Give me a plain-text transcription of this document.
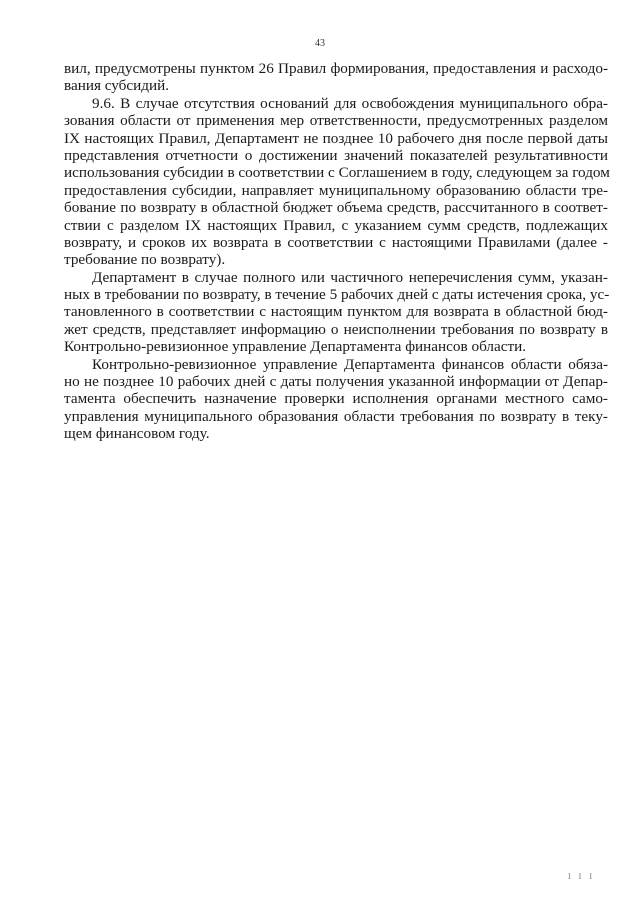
43
вил, предусмотрены пунктом 26 Правил формирования, предоставления и расходо-
вания субсидий.
9.6. В случае отсутствия оснований для освобождения муниципального обра-
зования области от применения мер ответственности, предусмотренных разделом
IX настоящих Правил, Департамент не позднее 10 рабочего дня после первой даты
представления отчетности о достижении значений показателей результативности
использования субсидии в соответствии с Соглашением в году, следующем за годом
предоставления субсидии, направляет муниципальному образованию области тре-
бование по возврату в областной бюджет объема средств, рассчитанного в соответ-
ствии с разделом IX настоящих Правил, с указанием сумм средств, подлежащих
возврату, и сроков их возврата в соответствии с настоящими Правилами (далее -
требование по возврату).
Департамент в случае полного или частичного неперечисления сумм, указан-
ных в требовании по возврату, в течение 5 рабочих дней с даты истечения срока, ус-
тановленного в соответствии с настоящим пунктом для возврата в областной бюд-
жет средств, представляет информацию о неисполнении требования по возврату в
Контрольно-ревизионное управление Департамента финансов области.
Контрольно-ревизионное управление Департамента финансов области обяза-
но не позднее 10 рабочих дней с даты получения указанной информации от Депар-
тамента обеспечить назначение проверки исполнения органами местного само-
управления муниципального образования области требования по возврату в теку-
щем финансовом году.
І І І
